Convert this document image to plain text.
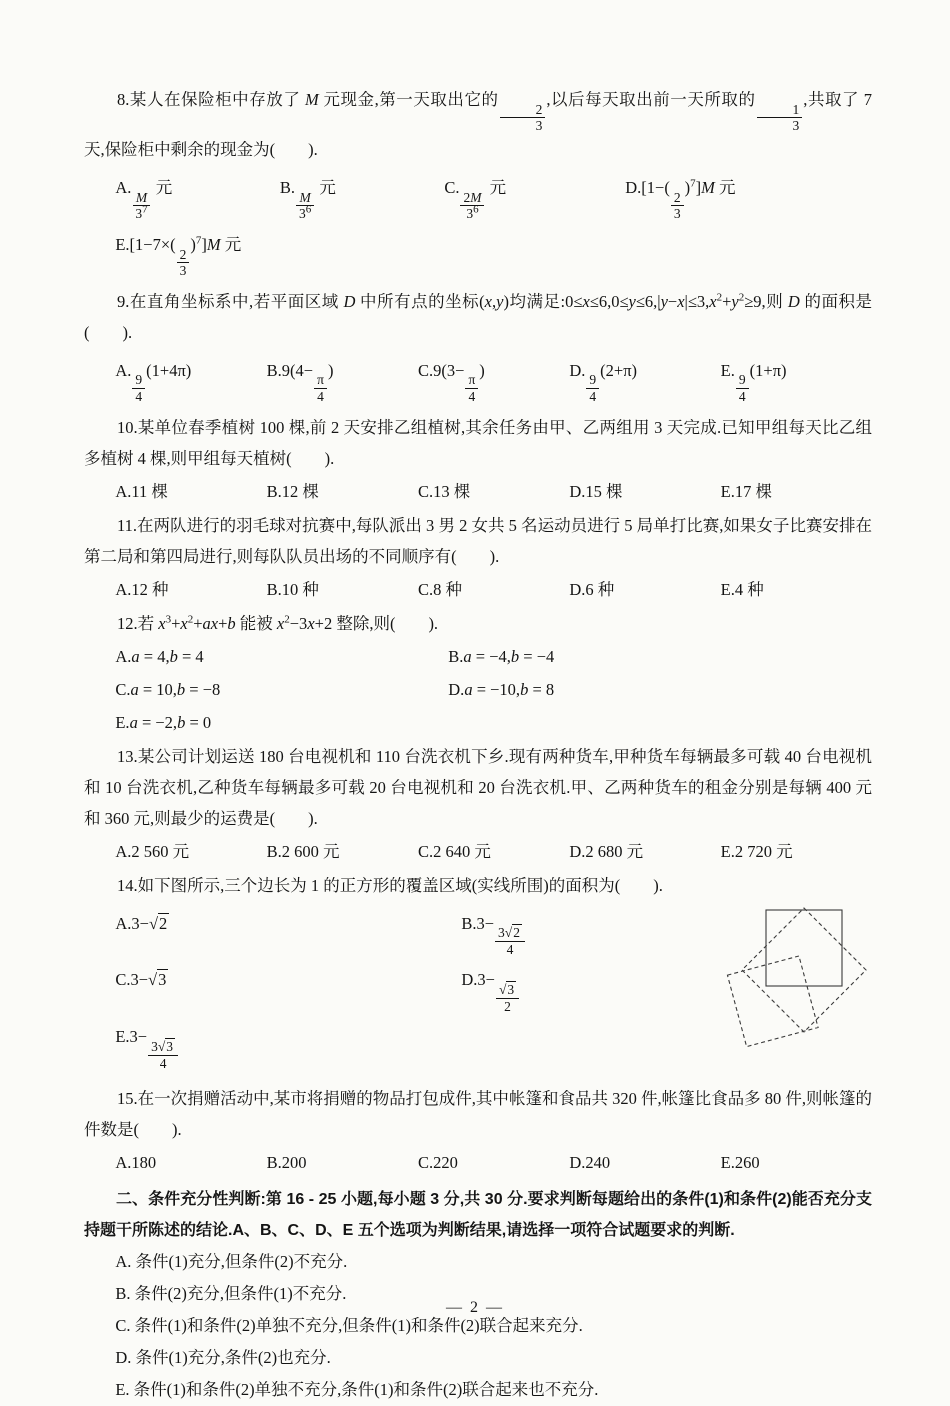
8.某人在保险柜中存放了 M 元现金,第一天取出它的
$\frac{2}{3}$
,以后每天取出前一天所取的
$\frac{1}{3}$
,共取了 7 天,保险柜中剩余的现金为(　　).

A.
$\frac{M}{3^7}$
元	B.
$\frac{M}{3^6}$
元	C.
$\frac{2M}{3^6}$
元	D.[1−(
$\frac{2}{3}$
)$^7$]M 元
E.[1−7×(
$\frac{2}{3}$
)$^7$]M 元

9.在直角坐标系中,若平面区域 D 中所有点的坐标(x,y)均满足$:0\le x\le 6,0\le y\le 6,|y-x|\le 3,x^2+y^2\ge 9$,则 D 的面积是(　　).

A.
$\frac{9}{4}$
(1+4π)	B.9(4−
$\frac{\pi}{4}$
)	C.9(3−
$\frac{\pi}{4}$
)	D.
$\frac{9}{4}$
(2+π)	E.
$\frac{9}{4}$
(1+π)

10.某单位春季植树 100 棵,前 2 天安排乙组植树,其余任务由甲、乙两组用 3 天完成.已知甲组每天比乙组多植树 4 棵,则甲组每天植树(　　).

A.11 棵	B.12 棵	C.13 棵	D.15 棵	E.17 棵

11.在两队进行的羽毛球对抗赛中,每队派出 3 男 2 女共 5 名运动员进行 5 局单打比赛,如果女子比赛安排在第二局和第四局进行,则每队队员出场的不同顺序有(　　).

A.12 种	B.10 种	C.8 种	D.6 种	E.4 种

12.若 $x^3+x^2+ax+b$ 能被 $x^2-3x+2$ 整除,则(　　).

A.a = 4,b = 4	B.a = −4,b = −4
C.a = 10,b = −8	D.a = −10,b = 8
E.a = −2,b = 0

13.某公司计划运送 180 台电视机和 110 台洗衣机下乡.现有两种货车,甲种货车每辆最多可载 40 台电视机和 10 台洗衣机,乙种货车每辆最多可载 20 台电视机和 20 台洗衣机.甲、乙两种货车的租金分别是每辆 400 元和 360 元,则最少的运费是(　　).

A.2 560 元	B.2 600 元	C.2 640 元	D.2 680 元	E.2 720 元

14.如下图所示,三个边长为 1 的正方形的覆盖区域(实线所围)的面积为(　　).

A.3−√2	B.3−
$\frac{3√2}{4}$
C.3−√3	D.3−
$\frac{√3}{2}$
E.3−
$\frac{3√3}{4}$

15.在一次捐赠活动中,某市将捐赠的物品打包成件,其中帐篷和食品共 320 件,帐篷比食品多 80 件,则帐篷的件数是(　　).

A.180	B.200	C.220	D.240	E.260

二、条件充分性判断:第 16 - 25 小题,每小题 3 分,共 30 分.要求判断每题给出的条件(1)和条件(2)能否充分支持题干所陈述的结论.A、B、C、D、E 五个选项为判断结果,请选择一项符合试题要求的判断.

A. 条件(1)充分,但条件(2)不充分.

B. 条件(2)充分,但条件(1)不充分.

C. 条件(1)和条件(2)单独不充分,但条件(1)和条件(2)联合起来充分.

D. 条件(1)充分,条件(2)也充分.

E. 条件(1)和条件(2)单独不充分,条件(1)和条件(2)联合起来也不充分.

— 2 —
